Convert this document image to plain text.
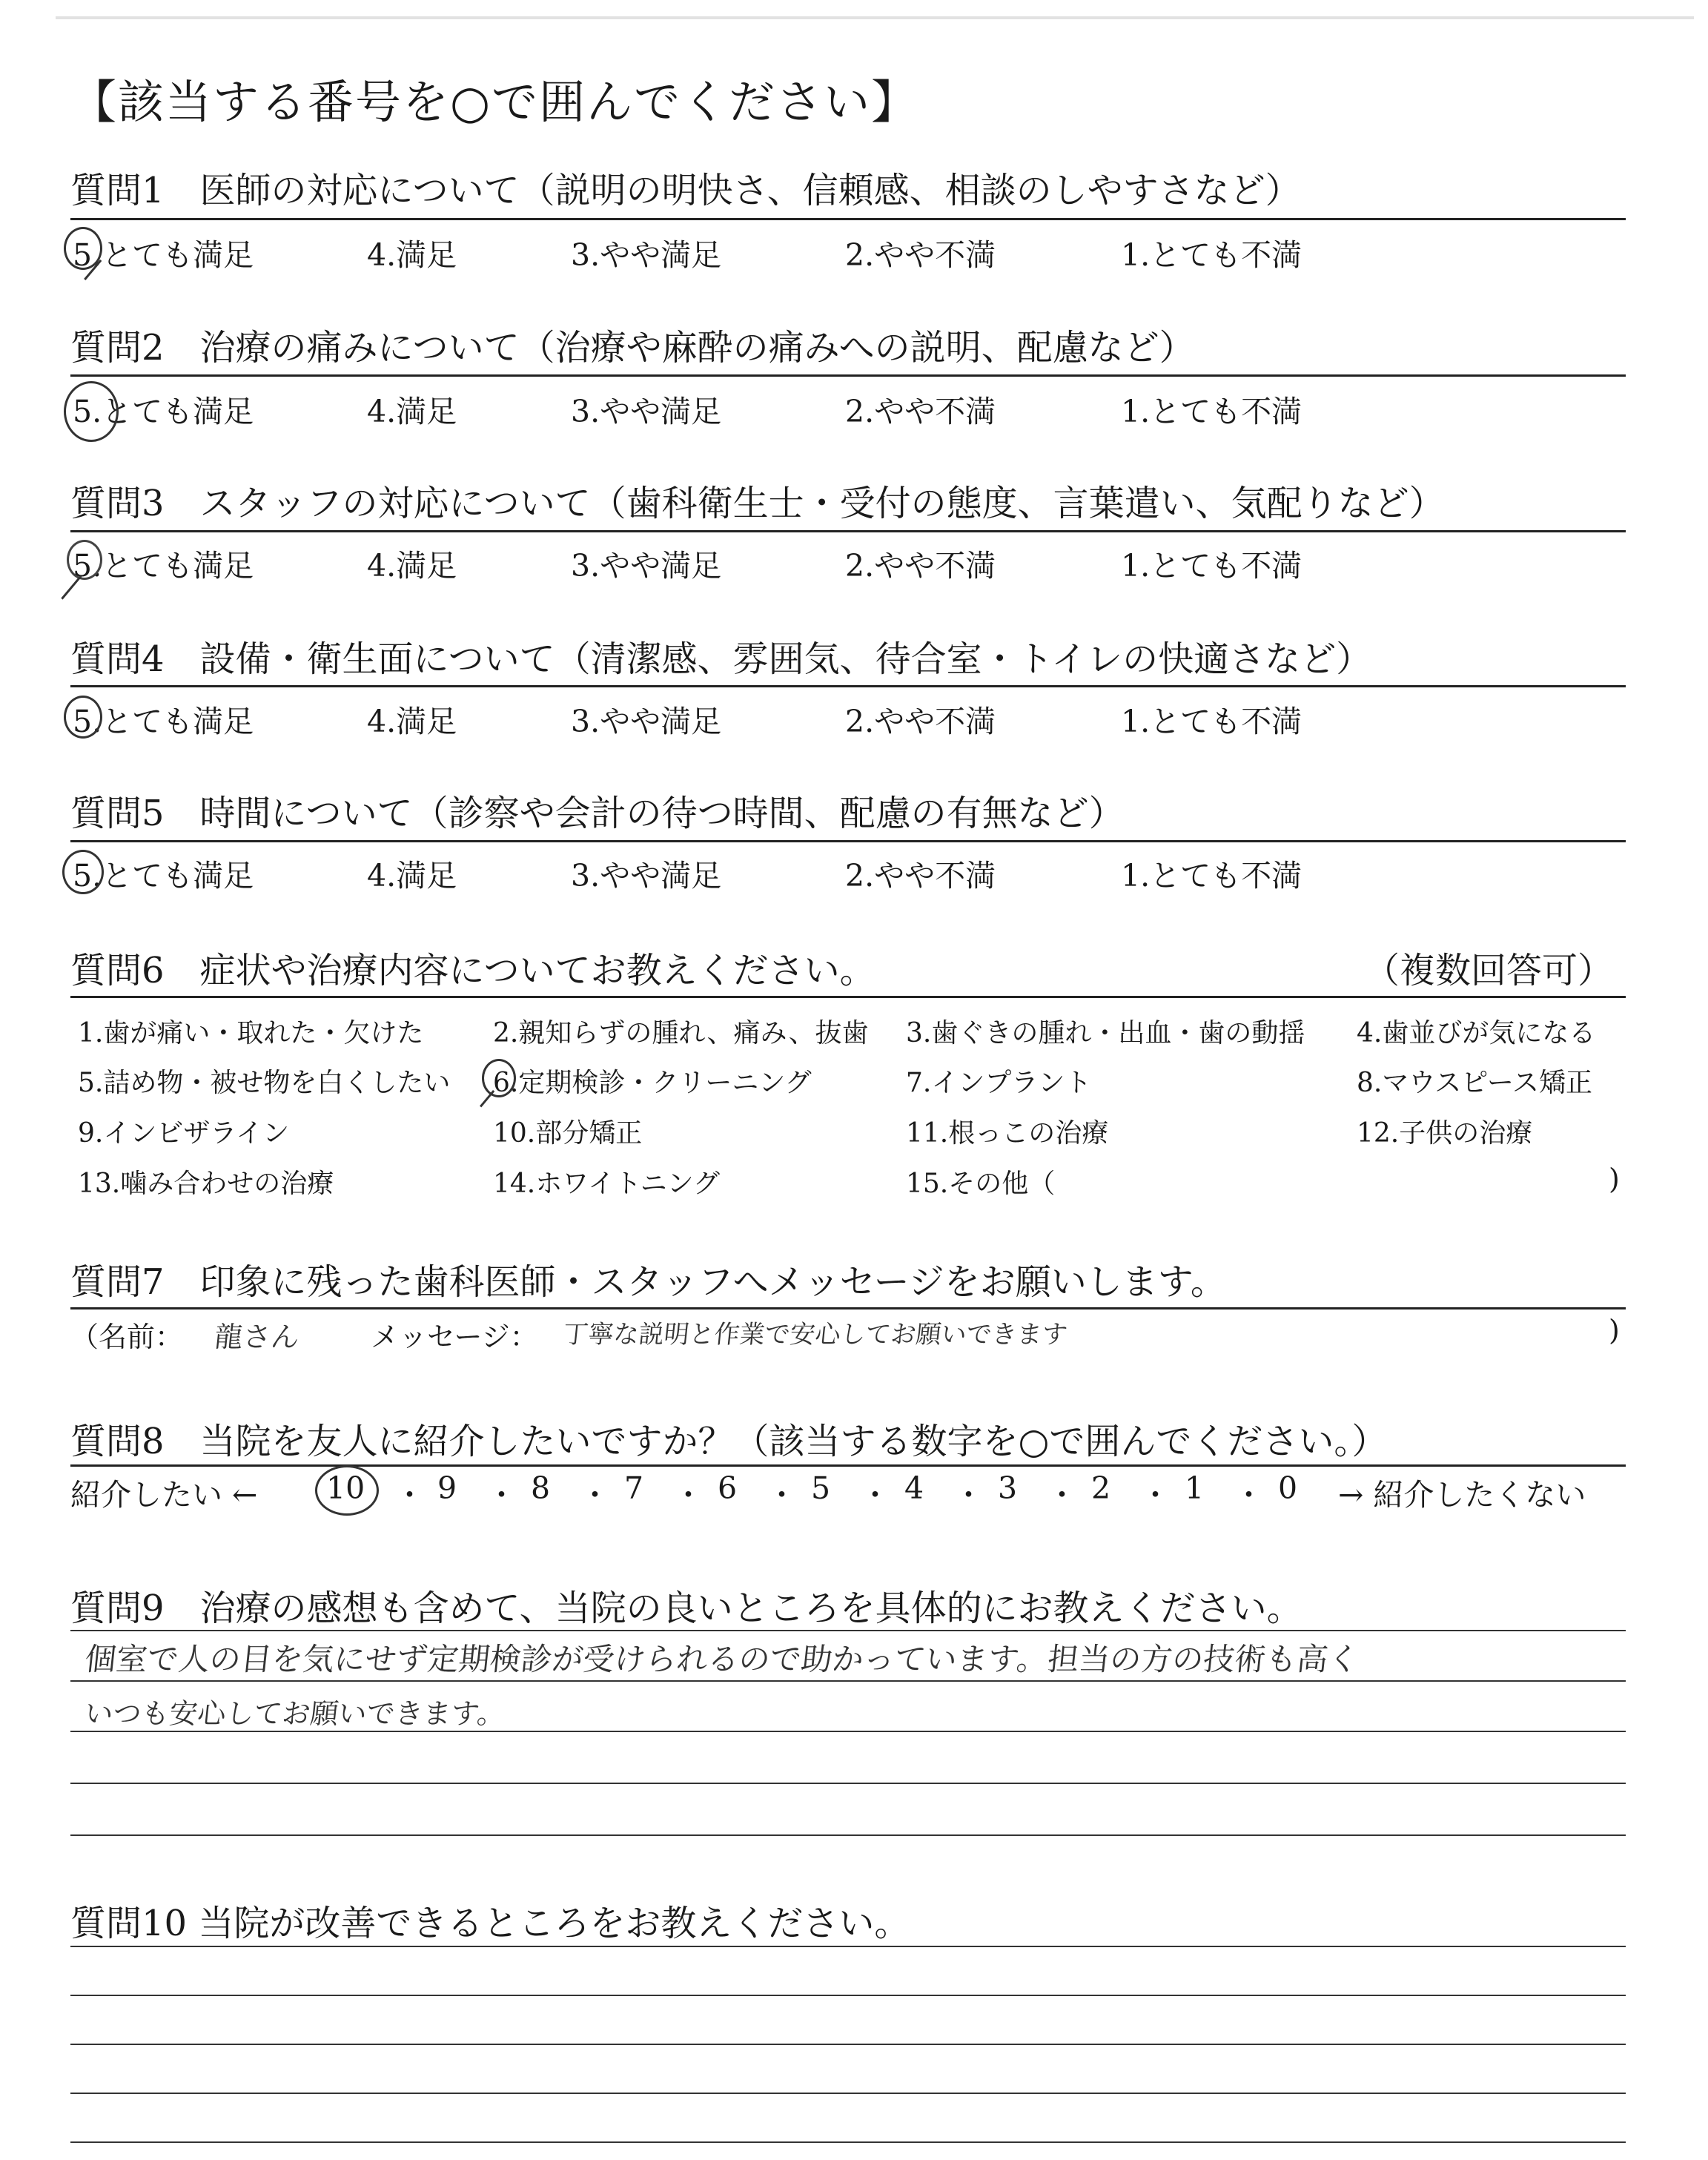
【該当する番号を○で囲んでください】
質問1　医師の対応について（説明の明快さ、信頼感、相談のしやすさなど）
5.とても満足	4.満足	3.やや満足	2.やや不満	1.とても不満
質問2　治療の痛みについて（治療や麻酔の痛みへの説明、配慮など）
5.とても満足	4.満足	3.やや満足	2.やや不満	1.とても不満
質問3　スタッフの対応について（歯科衛生士・受付の態度、言葉遣い、気配りなど）
5.とても満足	4.満足	3.やや満足	2.やや不満	1.とても不満
質問4　設備・衛生面について（清潔感、雰囲気、待合室・トイレの快適さなど）
5.とても満足	4.満足	3.やや満足	2.やや不満	1.とても不満
質問5　時間について（診察や会計の待つ時間、配慮の有無など）
5.とても満足	4.満足	3.やや満足	2.やや不満	1.とても不満
質問6　症状や治療内容についてお教えください。	（複数回答可）
1.歯が痛い・取れた・欠けた	2.親知らずの腫れ、痛み、抜歯 3.歯ぐきの腫れ・出血・歯の動揺 4.歯並びが気になる
5.詰め物・被せ物を白くしたい 6.定期検診・クリーニング	7.インプラント	8.マウスピース矯正
9.インビザライン	10.部分矯正	11.根っこの治療	12.子供の治療
13.噛み合わせの治療	14.ホワイトニング	15.その他（	)
質問7　印象に残った歯科医師・スタッフへメッセージをお願いします。
（名前： 龍さん メッセージ： 丁寧な説明と作業で安心してお願いできます	)
質問8　当院を友人に紹介したいですか？（該当する数字を○で囲んでください。）
紹介したい ← 10 ・ 9 ・ 8 ・ 7 ・ 6 ・ 5 ・ 4 ・ 3 ・ 2 ・ 1 ・ 0 → 紹介したくない
質問9　治療の感想も含めて、当院の良いところを具体的にお教えください。
個室で人の目を気にせず定期検診が受けられるので助かっています。担当の方の技術も高く
いつも安心してお願いできます。
質問10 当院が改善できるところをお教えください。
